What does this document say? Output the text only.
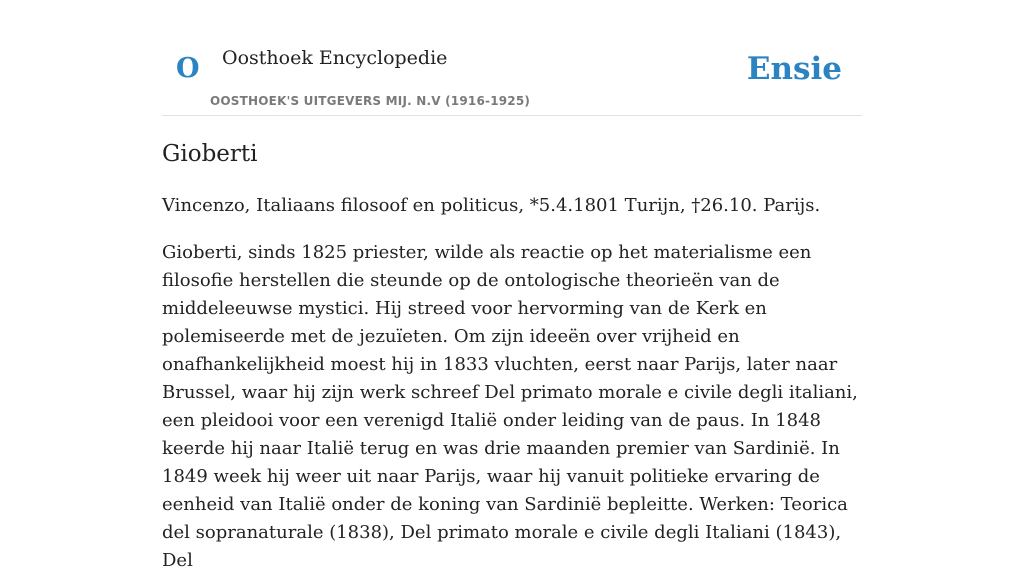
O Oosthoek Encyclopedie
OOSTHOEK'S UITGEVERS MIJ. N.V (1916-1925)
Ensie
Gioberti

Vincenzo, Italiaans filosoof en politicus, *5.4.1801 Turijn, †26.10. Parijs.

Gioberti, sinds 1825 priester, wilde als reactie op het materialisme een filosofie herstellen die steunde op de ontologische theorieën van de middeleeuwse mystici. Hij streed voor hervorming van de Kerk en polemiseerde met de jezuïeten. Om zijn ideeën over vrijheid en onafhankelijkheid moest hij in 1833 vluchten, eerst naar Parijs, later naar Brussel, waar hij zijn werk schreef Del primato morale e civile degli italiani, een pleidooi voor een verenigd Italië onder leiding van de paus. In 1848 keerde hij naar Italië terug en was drie maanden premier van Sardinië. In 1849 week hij weer uit naar Parijs, waar hij vanuit politieke ervaring de eenheid van Italië onder de koning van Sardinië bepleitte. Werken: Teorica del sopranaturale (1838), Del primato morale e civile degli Italiani (1843), Del
